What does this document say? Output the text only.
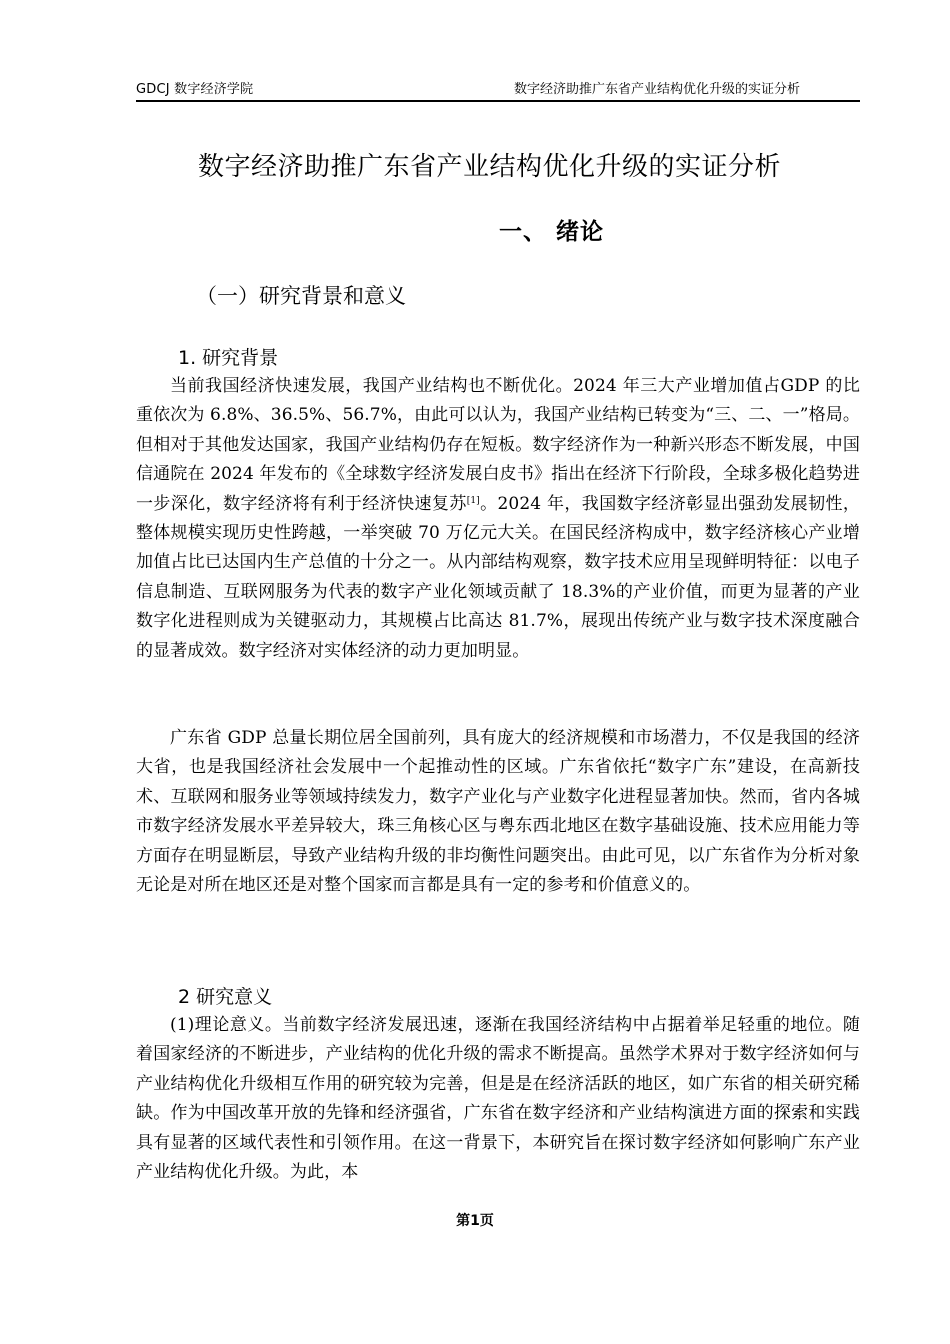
GDCJ 数字经济学院	数字经济助推广东省产业结构优化升级的实证分析
数字经济助推广东省产业结构优化升级的实证分析
一、 绪论
（一）研究背景和意义
1. 研究背景

当前我国经济快速发展，我国产业结构也不断优化。2024 年三大产业增加值占GDP 的比重依次为 6.8%、36.5%、56.7%，由此可以认为，我国产业结构已转变为“三、二、一”格局。但相对于其他发达国家，我国产业结构仍存在短板。数字经济作为一种新兴形态不断发展，中国信通院在 2024 年发布的《全球数字经济发展白皮书》指出在经济下行阶段，全球多极化趋势进一步深化，数字经济将有利于经济快速复苏[1]。2024 年，我国数字经济彰显出强劲发展韧性，整体规模实现历史性跨越，一举突破 70 万亿元大关。在国民经济构成中，数字经济核心产业增加值占比已达国内生产总值的十分之一。从内部结构观察，数字技术应用呈现鲜明特征：以电子信息制造、互联网服务为代表的数字产业化领域贡献了 18.3%的产业价值，而更为显著的产业数字化进程则成为关键驱动力，其规模占比高达 81.7%，展现出传统产业与数字技术深度融合的显著成效。数字经济对实体经济的动力更加明显。

广东省 GDP 总量长期位居全国前列，具有庞大的经济规模和市场潜力，不仅是我国的经济大省，也是我国经济社会发展中一个起推动性的区域。广东省依托“数字广东”建设，在高新技术、互联网和服务业等领域持续发力，数字产业化与产业数字化进程显著加快。然而，省内各城市数字经济发展水平差异较大，珠三角核心区与粤东西北地区在数字基础设施、技术应用能力等方面存在明显断层，导致产业结构升级的非均衡性问题突出。由此可见，以广东省作为分析对象无论是对所在地区还是对整个国家而言都是具有一定的参考和价值意义的。

2 研究意义

(1)理论意义。当前数字经济发展迅速，逐渐在我国经济结构中占据着举足轻重的地位。随着国家经济的不断进步，产业结构的优化升级的需求不断提高。虽然学术界对于数字经济如何与产业结构优化升级相互作用的研究较为完善，但是是在经济活跃的地区，如广东省的相关研究稀缺。作为中国改革开放的先锋和经济强省，广东省在数字经济和产业结构演进方面的探索和实践具有显著的区域代表性和引领作用。在这一背景下，本研究旨在探讨数字经济如何影响广东产业产业结构优化升级。为此，本

第1页
